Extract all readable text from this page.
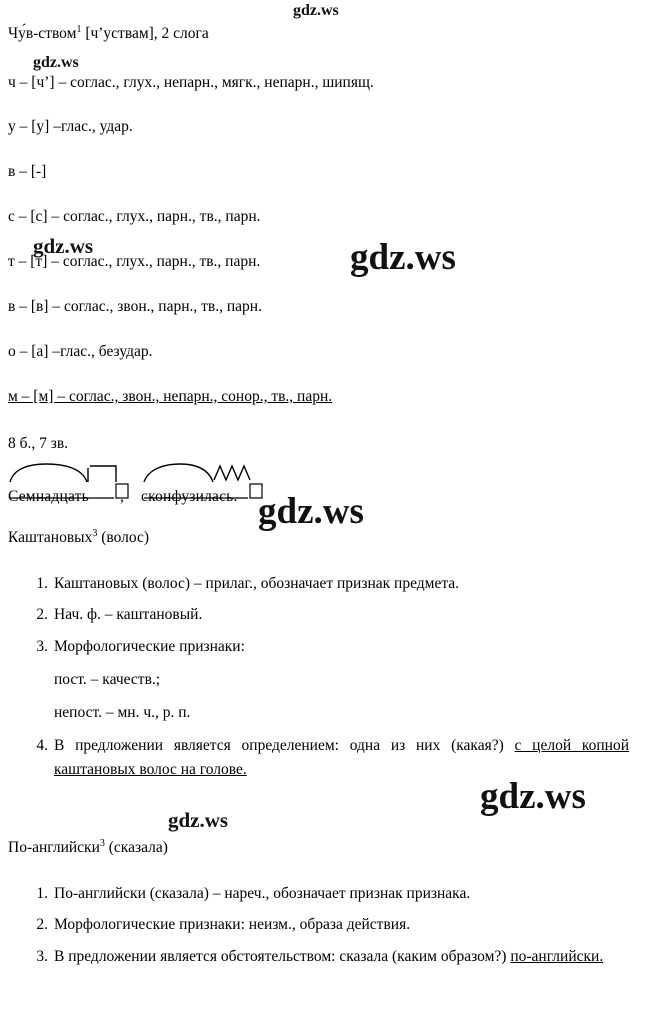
Чу́в-ством$^1$ [ч’уствам], 2 слога
ч – [ч’] – соглас., глух., непарн., мягк., непарн., шипящ.
у – [у] –глас., удар.
в – [-]
с – [с] – соглас., глух., парн., тв., парн.
т – [т] – соглас., глух., парн., тв., парн.
в – [в] – соглас., звон., парн., тв., парн.
о – [а] –глас., безудар.
м – [м] – соглас., звон., непарн., сонор., тв., парн.
8 б., 7 зв.
Семнадцать , сконфузилась.
Каштановых$^3$ (волос)
1. Каштановых (волос) – прилаг., обозначает признак предмета.
2. Нач. ф. – каштановый.
3. Морфологические признаки:
пост. – качеств.;
непост. – мн. ч., р. п.
4. В предложении является определением: одна из них (какая?) с целой копной каштановых волос на голове.
По-английски$^3$ (сказала)
1. По-английски (сказала) – нареч., обозначает признак признака.
2. Морфологические признаки: неизм., образа действия.
3. В предложении является обстоятельством: сказала (каким образом?) по-английски.
gdz.ws
gdz.ws
gdz.ws	gdz.ws
gdz.ws
gdz.ws
gdz.ws
